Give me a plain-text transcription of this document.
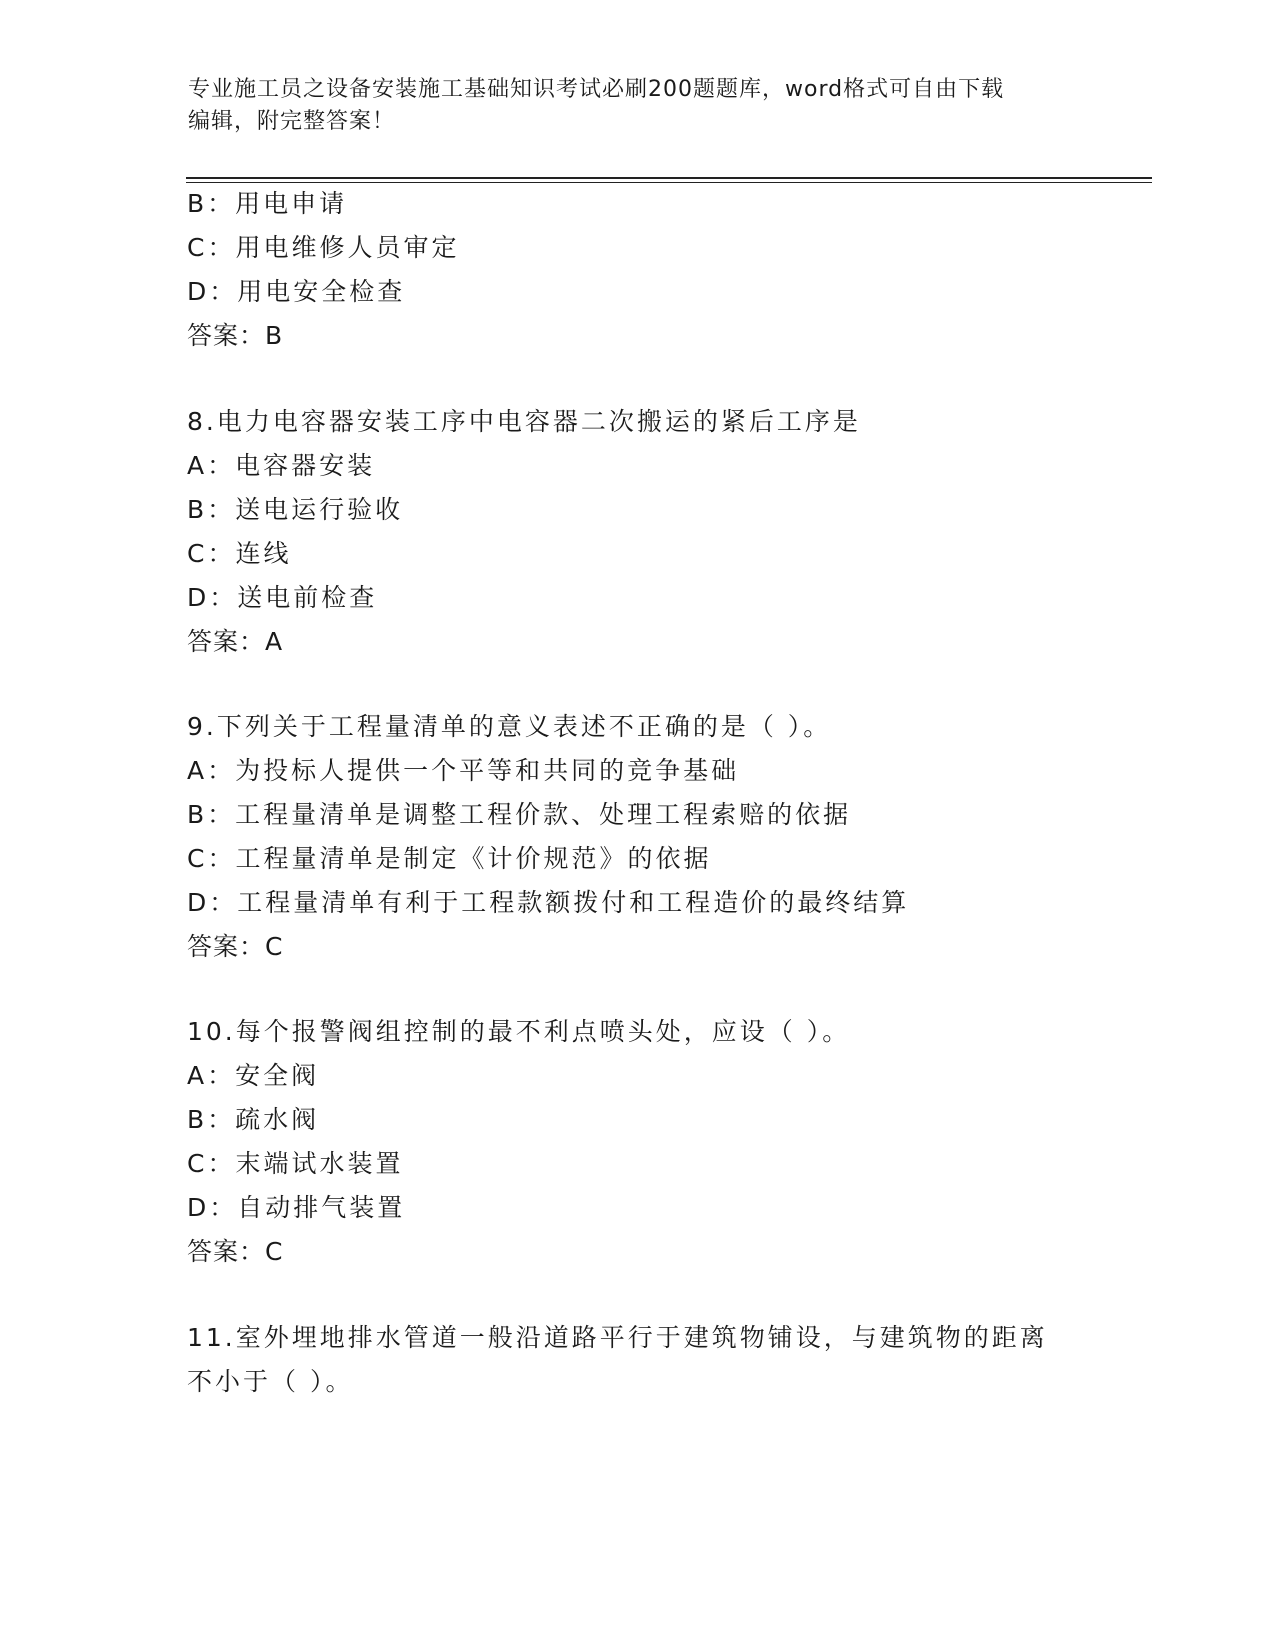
专业施工员之设备安装施工基础知识考试必刷200题题库，word格式可自由下载
编辑，附完整答案！
B：用电申请
C：用电维修人员审定
D：用电安全检查
答案：B
8.电力电容器安装工序中电容器二次搬运的紧后工序是
A：电容器安装
B：送电运行验收
C：连线
D：送电前检查
答案：A
9.下列关于工程量清单的意义表述不正确的是（ ）。
A：为投标人提供一个平等和共同的竞争基础
B：工程量清单是调整工程价款、处理工程索赔的依据
C：工程量清单是制定《计价规范》的依据
D：工程量清单有利于工程款额拨付和工程造价的最终结算
答案：C
10.每个报警阀组控制的最不利点喷头处，应设（ ）。
A：安全阀
B：疏水阀
C：末端试水装置
D：自动排气装置
答案：C
11.室外埋地排水管道一般沿道路平行于建筑物铺设，与建筑物的距离
不小于（ ）。
